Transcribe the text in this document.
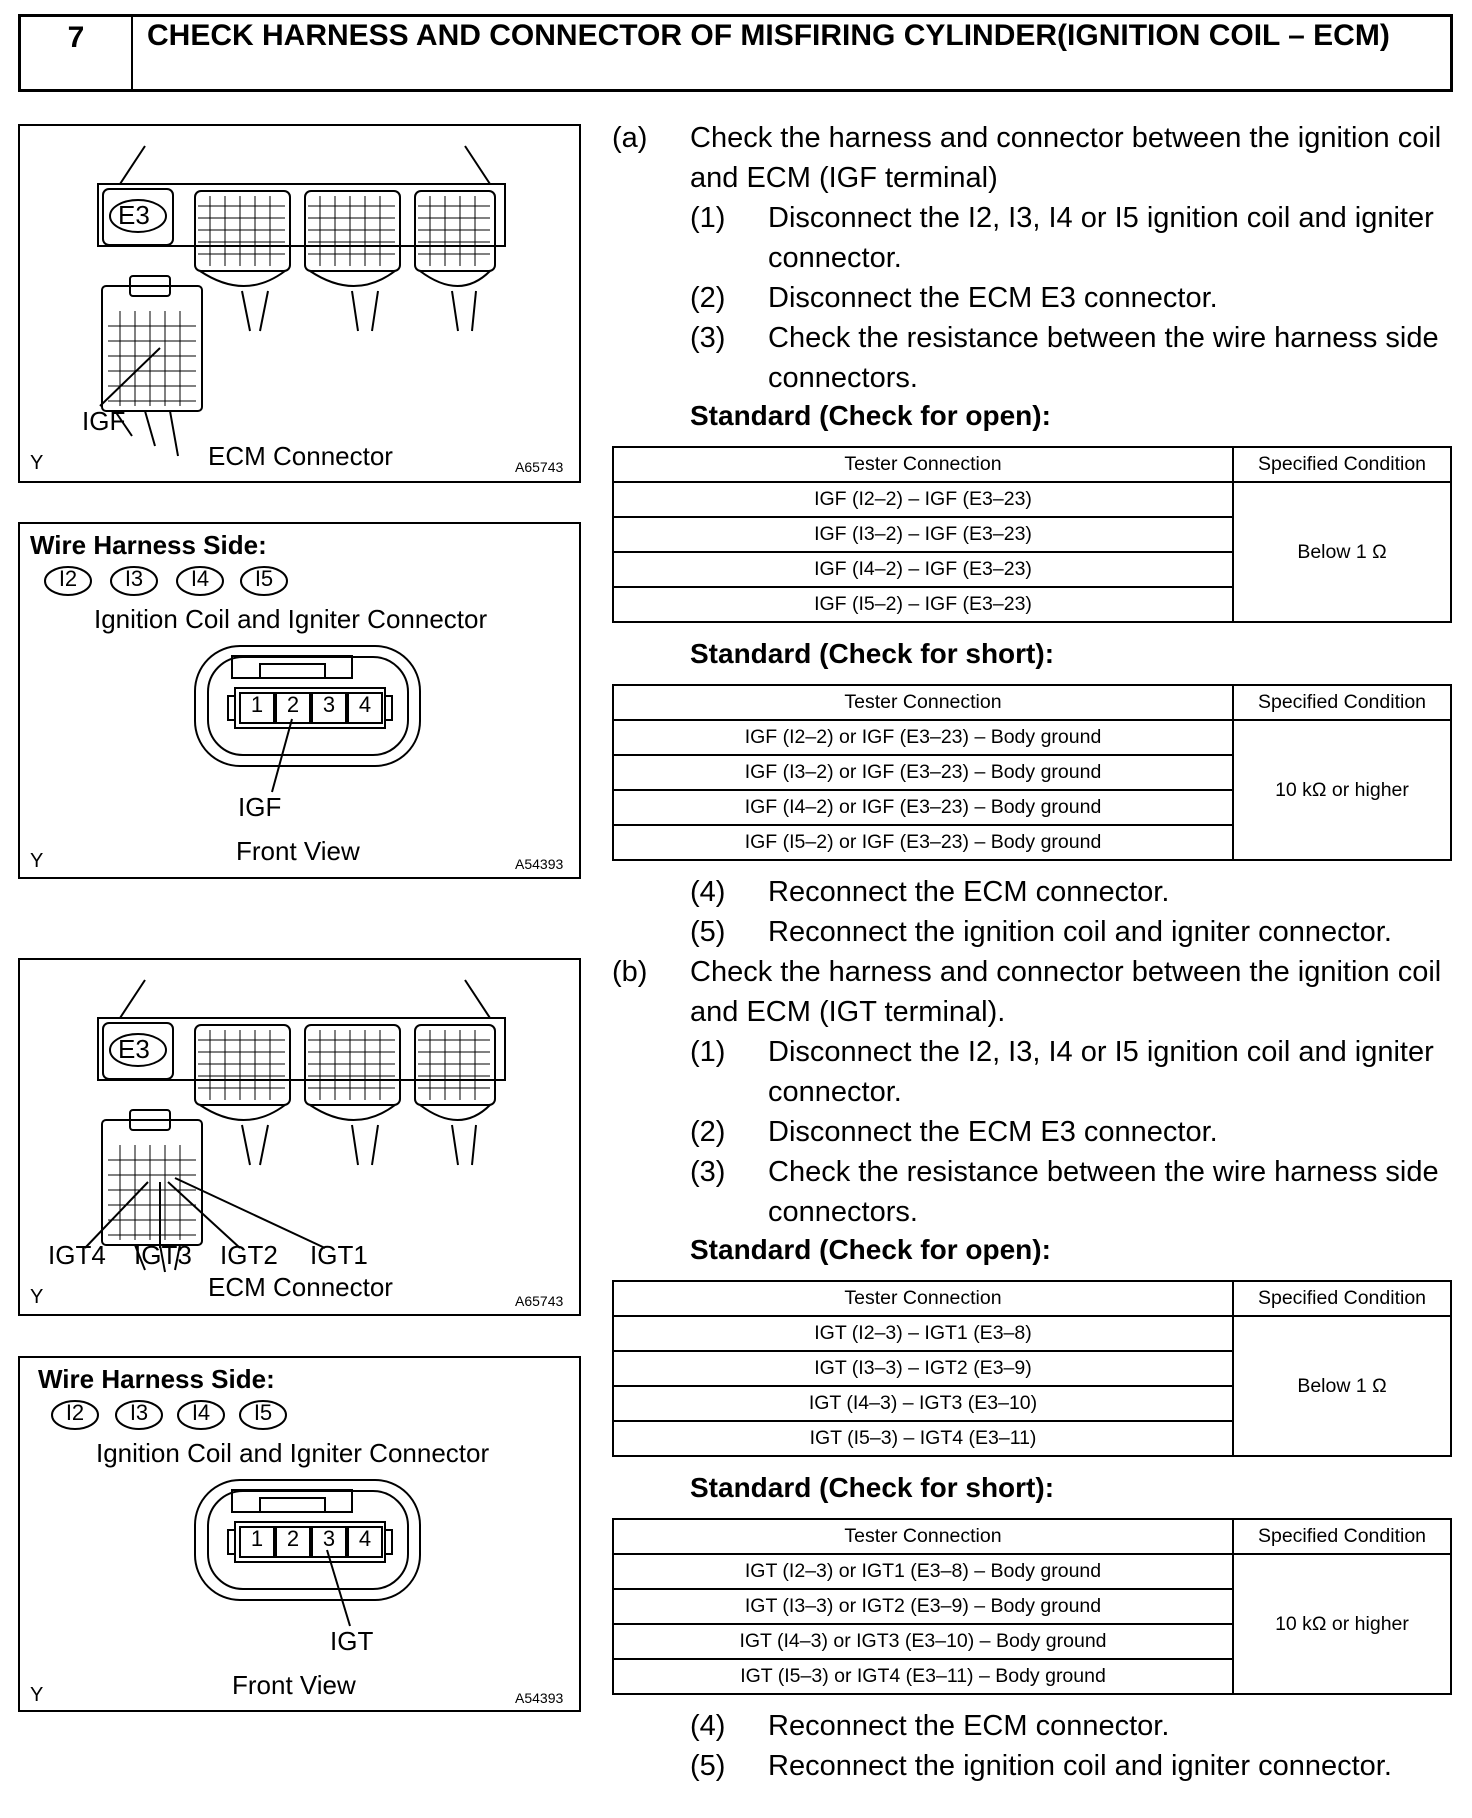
7	CHECK HARNESS AND CONNECTOR OF MISFIRING CYLINDER(IGNITION COIL – ECM)
E3
IGF
ECM Connector
Y	A65743
Wire Harness Side:
I2 I3 I4 I5
Ignition Coil and Igniter Connector
1	2	3	4
IGF
Front View
Y	A54393
E3
IGT4 IGT3 IGT2 IGT1
ECM Connector
Y	A65743
Wire Harness Side:
I2 I3 I4 I5
Ignition Coil and Igniter Connector
1	2	3	4
IGT
Front View
Y	A54393
(a) Check the harness and connector between the ignition coil and ECM (IGF terminal)
(1) Disconnect the I2, I3, I4 or I5 ignition coil and igniter connector.
(2) Disconnect the ECM E3 connector.
(3) Check the resistance between the wire harness side connectors.
Standard (Check for open):
Tester Connection	Specified Condition
IGF (I2–2) – IGF (E3–23)	Below 1 Ω
IGF (I3–2) – IGF (E3–23)	
IGF (I4–2) – IGF (E3–23)	
IGF (I5–2) – IGF (E3–23)	
Standard (Check for short):
Tester Connection	Specified Condition
IGF (I2–2) or IGF (E3–23) – Body ground	10 kΩ or higher
IGF (I3–2) or IGF (E3–23) – Body ground	
IGF (I4–2) or IGF (E3–23) – Body ground	
IGF (I5–2) or IGF (E3–23) – Body ground	
(4) Reconnect the ECM connector.
(5) Reconnect the ignition coil and igniter connector.
(b) Check the harness and connector between the ignition coil and ECM (IGT terminal).
(1) Disconnect the I2, I3, I4 or I5 ignition coil and igniter connector.
(2) Disconnect the ECM E3 connector.
(3) Check the resistance between the wire harness side connectors.
Standard (Check for open):
Tester Connection	Specified Condition
IGT (I2–3) – IGT1 (E3–8)	Below 1 Ω
IGT (I3–3) – IGT2 (E3–9)	
IGT (I4–3) – IGT3 (E3–10)	
IGT (I5–3) – IGT4 (E3–11)	
Standard (Check for short):
Tester Connection	Specified Condition
IGT (I2–3) or IGT1 (E3–8) – Body ground	10 kΩ or higher
IGT (I3–3) or IGT2 (E3–9) – Body ground	
IGT (I4–3) or IGT3 (E3–10) – Body ground	
IGT (I5–3) or IGT4 (E3–11) – Body ground	
(4) Reconnect the ECM connector.
(5) Reconnect the ignition coil and igniter connector.
